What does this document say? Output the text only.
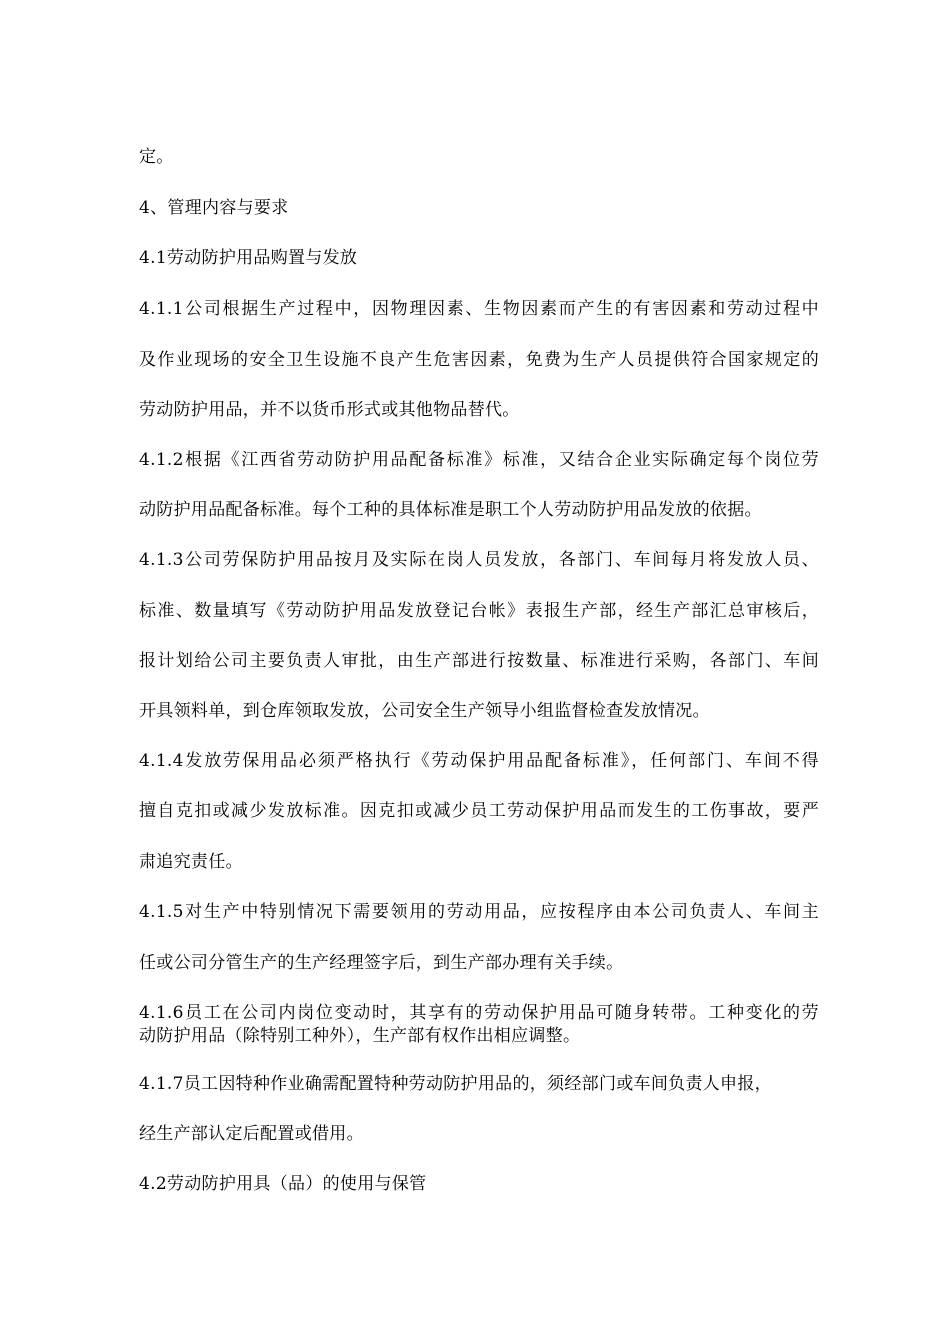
定。
4、管理内容与要求
4.1劳动防护用品购置与发放
4.1.1公司根据生产过程中，因物理因素、生物因素而产生的有害因素和劳动过程中
及作业现场的安全卫生设施不良产生危害因素，免费为生产人员提供符合国家规定的
劳动防护用品，并不以货币形式或其他物品替代。
4.1.2根据《江西省劳动防护用品配备标准》标准，又结合企业实际确定每个岗位劳
动防护用品配备标准。每个工种的具体标准是职工个人劳动防护用品发放的依据。
4.1.3公司劳保防护用品按月及实际在岗人员发放，各部门、车间每月将发放人员、
标准、数量填写《劳动防护用品发放登记台帐》表报生产部，经生产部汇总审核后，
报计划给公司主要负责人审批，由生产部进行按数量、标准进行采购，各部门、车间
开具领料单，到仓库领取发放，公司安全生产领导小组监督检查发放情况。
4.1.4发放劳保用品必须严格执行《劳动保护用品配备标准》，任何部门、车间不得
擅自克扣或减少发放标准。因克扣或减少员工劳动保护用品而发生的工伤事故，要严
肃追究责任。
4.1.5对生产中特别情况下需要领用的劳动用品，应按程序由本公司负责人、车间主
任或公司分管生产的生产经理签字后，到生产部办理有关手续。
4.1.6员工在公司内岗位变动时，其享有的劳动保护用品可随身转带。工种变化的劳
动防护用品（除特别工种外），生产部有权作出相应调整。
4.1.7员工因特种作业确需配置特种劳动防护用品的，须经部门或车间负责人申报，
经生产部认定后配置或借用。
4.2劳动防护用具（品）的使用与保管
